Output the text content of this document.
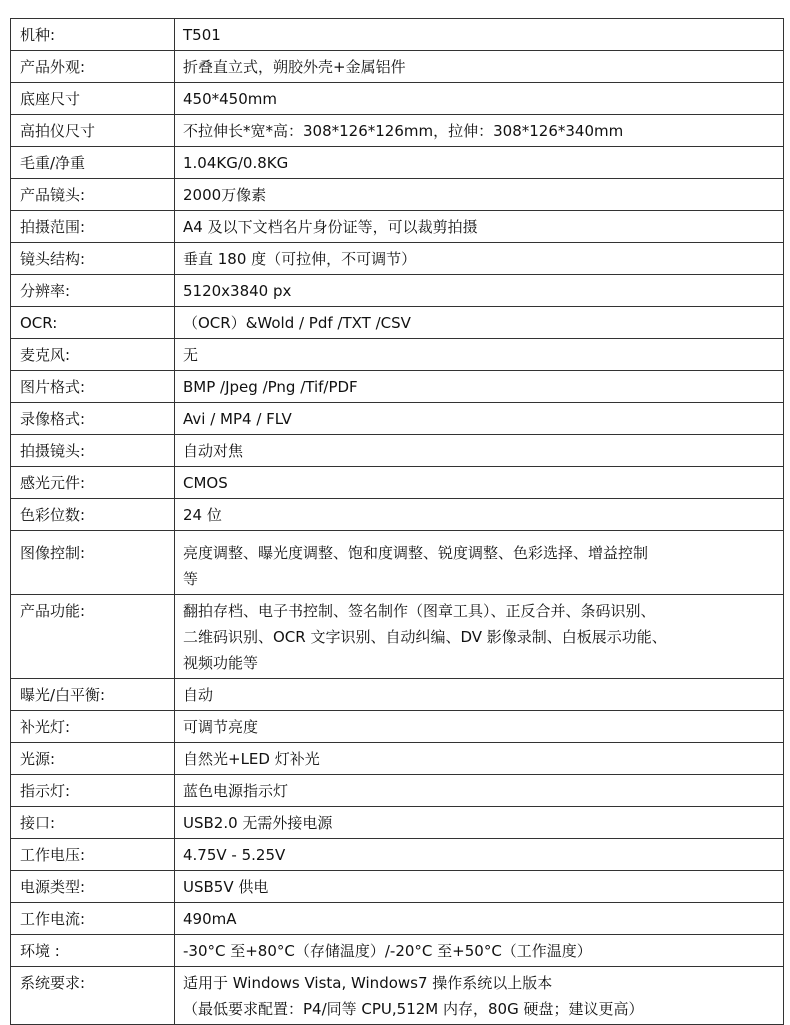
机种:	T501

产品外观:	折叠直立式，朔胶外壳+金属铝件

底座尺寸	450*450mm

高拍仪尺寸	不拉伸长*宽*高：308*126*126mm，拉伸：308*126*340mm

毛重/净重	1.04KG/0.8KG

产品镜头:	2000万像素

拍摄范围:	A4 及以下文档名片身份证等，可以裁剪拍摄

镜头结构:	垂直 180 度（可拉伸，不可调节）

分辨率:	5120x3840 px

OCR:	（OCR）&Wold / Pdf /TXT /CSV

麦克风:	无

图片格式:	BMP /Jpeg /Png /Tif/PDF

录像格式:	Avi / MP4 / FLV

拍摄镜头:	自动对焦

感光元件:	CMOS

色彩位数:	24 位

图像控制:	亮度调整、曝光度调整、饱和度调整、锐度调整、色彩选择、增益控制
等

产品功能:	翻拍存档、电子书控制、签名制作（图章工具）、正反合并、条码识别、
二维码识别、OCR 文字识别、自动纠编、DV 影像录制、白板展示功能、
视频功能等

曝光/白平衡:	自动

补光灯:	可调节亮度

光源:	自然光+LED 灯补光

指示灯:	蓝色电源指示灯

接口:	USB2.0 无需外接电源

工作电压:	4.75V - 5.25V

电源类型:	USB5V 供电

工作电流:	490mA

环境 :	-30°C 至+80°C（存储温度）/-20°C 至+50°C（工作温度）

系统要求:	适用于 Windows Vista, Windows7 操作系统以上版本
（最低要求配置：P4/同等 CPU,512M 内存，80G 硬盘；建议更高）
